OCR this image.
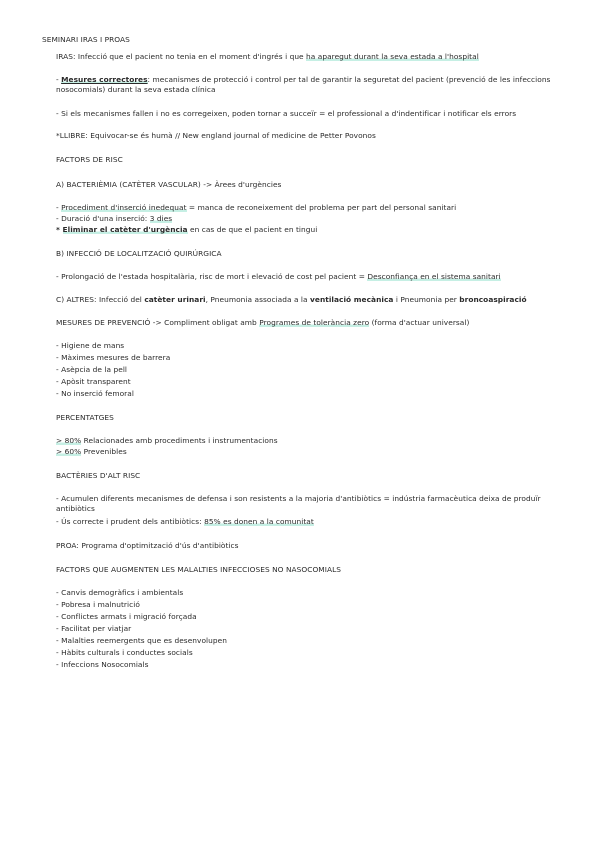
SEMINARI IRAS I PROAS
IRAS: Infecció que el pacient no tenia en el moment d'ingrés i que ha aparegut durant la seva estada a l'hospital
- Mesures correctores: mecanismes de protecció i control per tal de garantir la seguretat del pacient (prevenció de les infeccions nosocomials) durant la seva estada clínica
- Si els mecanismes fallen i no es corregeixen, poden tornar a succeïr = el professional a d'indentificar i notificar els errors
*LLIBRE: Equivocar-se és humà // New england journal of medicine de Petter Povonos
FACTORS DE RISC
A) BACTERIÈMIA (CATÈTER VASCULAR) -> Àrees d'urgències
- Procediment d'inserció inedequat = manca de reconeixement del problema per part del personal sanitari
- Duració d'una inserció: 3 dies
* Eliminar el catèter d'urgència en cas de que el pacient en tingui
B) INFECCIÓ DE LOCALITZACIÓ QUIRÚRGICA
- Prolongació de l'estada hospitalària, risc de mort i elevació de cost pel pacient = Desconfiança en el sistema sanitari
C) ALTRES: Infecció del catèter urinari, Pneumonia associada a la ventilació mecànica i Pneumonia per broncoaspiració
MESURES DE PREVENCIÓ -> Compliment obligat amb Programes de tolerància zero (forma d'actuar universal)
- Higiene de mans
- Màximes mesures de barrera
- Asèpcia de la pell
- Apòsit transparent
- No inserció femoral
PERCENTATGES
> 80% Relacionades amb procediments i instrumentacions
> 60% Prevenibles
BACTÈRIES D'ALT RISC
- Acumulen diferents mecanismes de defensa i son resistents a la majoria d'antibiòtics = indústria farmacèutica deixa de produïr antibiòtics
- Ús correcte i prudent dels antibiòtics: 85% es donen a la comunitat
PROA: Programa d'optimització d'ús d'antibiòtics
FACTORS QUE AUGMENTEN LES MALALTIES INFECCIOSES NO NASOCOMIALS
- Canvis demogràfics i ambientals
- Pobresa i malnutrició
- Conflictes armats i migració forçada
- Facilitat per viatjar
- Malalties reemergents que es desenvolupen
- Hàbits culturals i conductes socials
- Infeccions Nosocomials
